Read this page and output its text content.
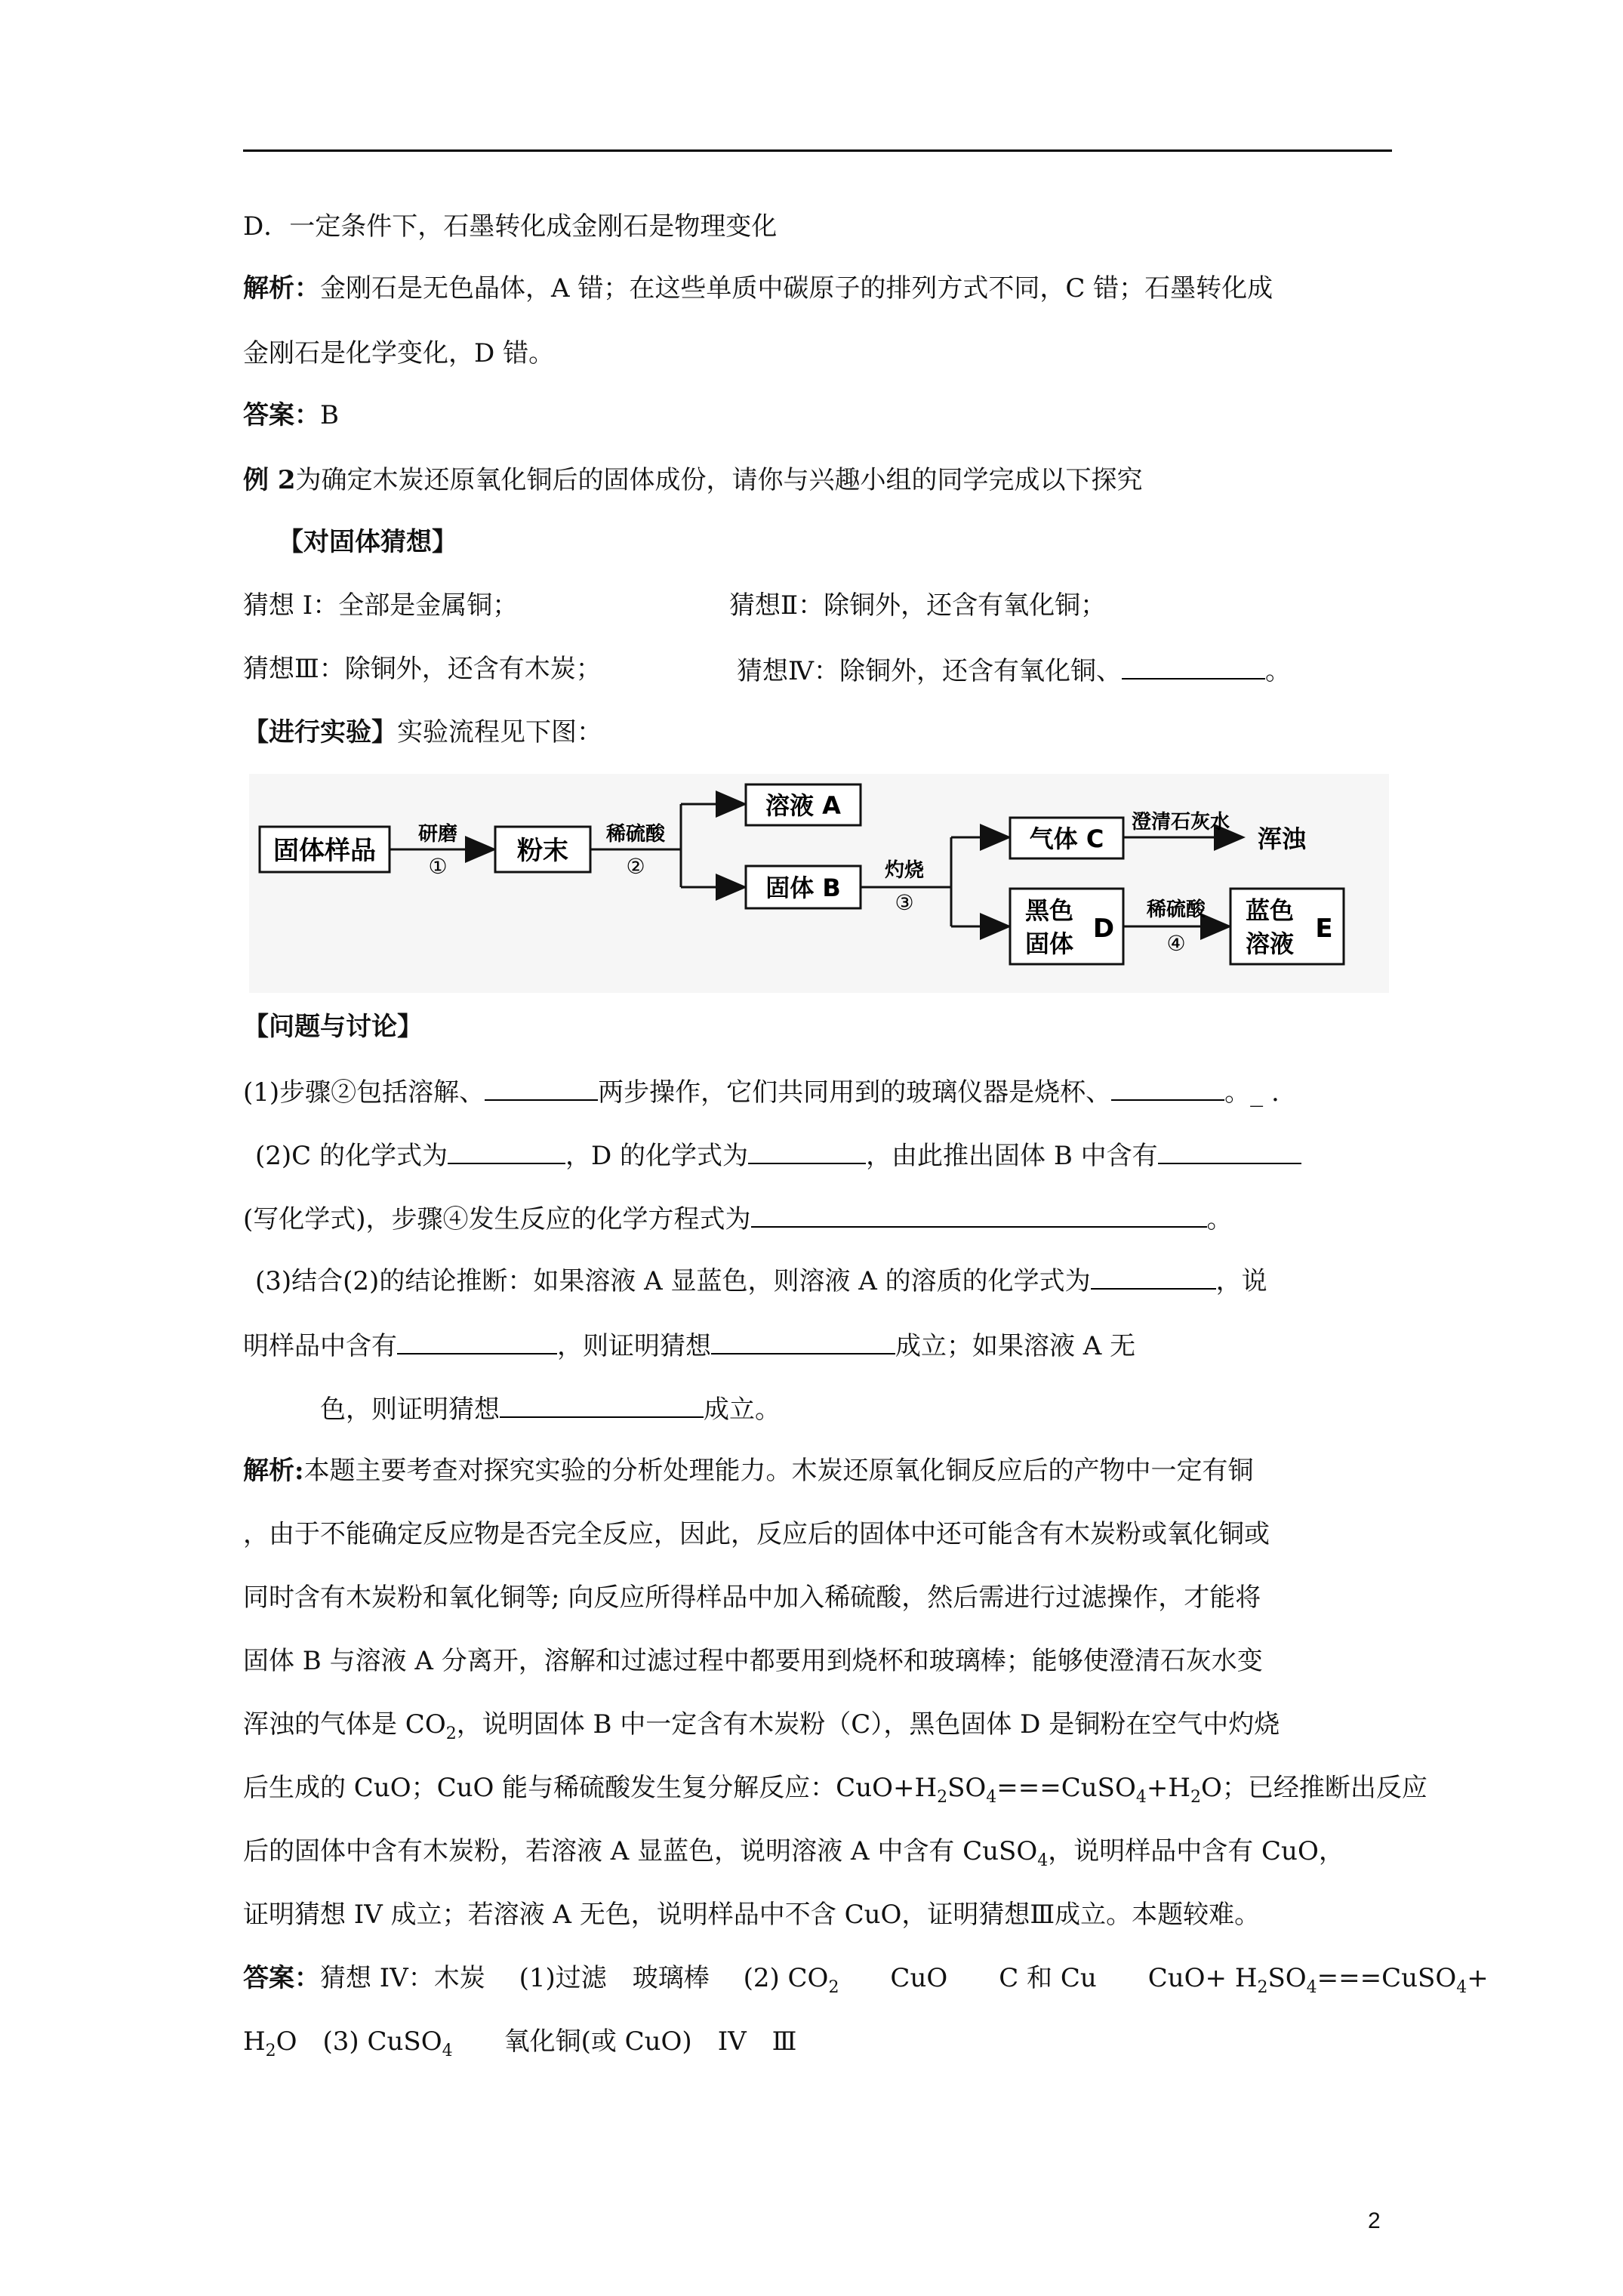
D．一定条件下，石墨转化成金刚石是物理变化
解析：金刚石是无色晶体，A 错；在这些单质中碳原子的排列方式不同，C 错；石墨转化成
金刚石是化学变化，D 错。
答案：B
例 2为确定木炭还原氧化铜后的固体成份，请你与兴趣小组的同学完成以下探究
【对固体猜想】
猜想 I：全部是金属铜；	猜想Ⅱ：除铜外，还含有氧化铜；
猜想Ⅲ：除铜外，还含有木炭；	猜想Ⅳ：除铜外，还含有氧化铜、	。
【进行实验】实验流程见下图：
固体样品
研磨
①
粉末
稀硫酸
②
溶液 A
固体 B
灼烧
③
气体 C
澄清石灰水
浑浊
黑色
固体 D
稀硫酸
④
蓝色
溶液 E
【问题与讨论】
(1)步骤②包括溶解、	两步操作，它们共同用到的玻璃仪器是烧杯、	。_ .
(2)C 的化学式为	，D 的化学式为	，由此推出固体 B 中含有
(写化学式)，步骤④发生反应的化学方程式为	。
(3)结合(2)的结论推断：如果溶液 A 显蓝色，则溶液 A 的溶质的化学式为	，说
明样品中含有	，则证明猜想	成立；如果溶液 A 无
色，则证明猜想	成立。
解析:本题主要考查对探究实验的分析处理能力。木炭还原氧化铜反应后的产物中一定有铜
，由于不能确定反应物是否完全反应，因此，反应后的固体中还可能含有木炭粉或氧化铜或
同时含有木炭粉和氧化铜等; 向反应所得样品中加入稀硫酸，然后需进行过滤操作，才能将
固体 B 与溶液 A 分离开，溶解和过滤过程中都要用到烧杯和玻璃棒；能够使澄清石灰水变
浑浊的气体是 $CO_2$，说明固体 B 中一定含有木炭粉（C），黑色固体 D 是铜粉在空气中灼烧
后生成的 CuO；CuO 能与稀硫酸发生复分解反应：$CuO+H_2SO_4===CuSO_4+H_2O$；已经推断出反应
后的固体中含有木炭粉，若溶液 A 显蓝色，说明溶液 A 中含有 CuSO$_4$，说明样品中含有 CuO，
证明猜想 IV 成立；若溶液 A 无色，说明样品中不含 CuO，证明猜想Ⅲ成立。本题较难。
答案：猜想 IV：木炭　 (1)过滤　玻璃棒　 (2) $CO_2$　　CuO　　C 和 Cu　　$CuO+ H_2SO_4===CuSO_4+$
$H_2O$　(3) CuSO$_4$　　氧化铜(或 CuO)　IV　Ⅲ
2
